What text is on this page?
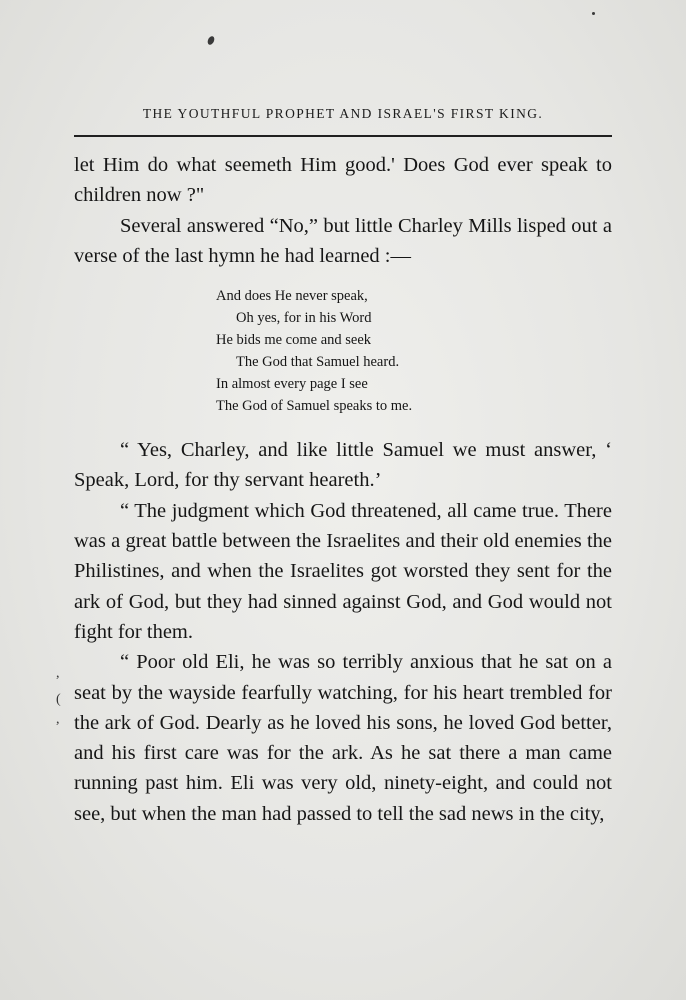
THE YOUTHFUL PROPHET AND ISRAEL'S FIRST KING.

let Him do what seemeth Him good.' Does God ever speak to children now ?"

Several answered “No,” but little Charley Mills lisped out a verse of the last hymn he had learned :—

And does He never speak,
Oh yes, for in his Word
He bids me come and seek
The God that Samuel heard.
In almost every page I see
The God of Samuel speaks to me.

“ Yes, Charley, and like little Samuel we must answer, ‘ Speak, Lord, for thy servant heareth.’

“ The judgment which God threatened, all came true. There was a great battle between the Israelites and their old enemies the Philistines, and when the Israelites got worsted they sent for the ark of God, but they had sinned against God, and God would not fight for them.

“ Poor old Eli, he was so terribly anxious that he sat on a seat by the wayside fearfully watching, for his heart trembled for the ark of God. Dearly as he loved his sons, he loved God better, and his first care was for the ark. As he sat there a man came running past him. Eli was very old, ninety-eight, and could not see, but when the man had passed to tell the sad news in the city,

,
(
,
